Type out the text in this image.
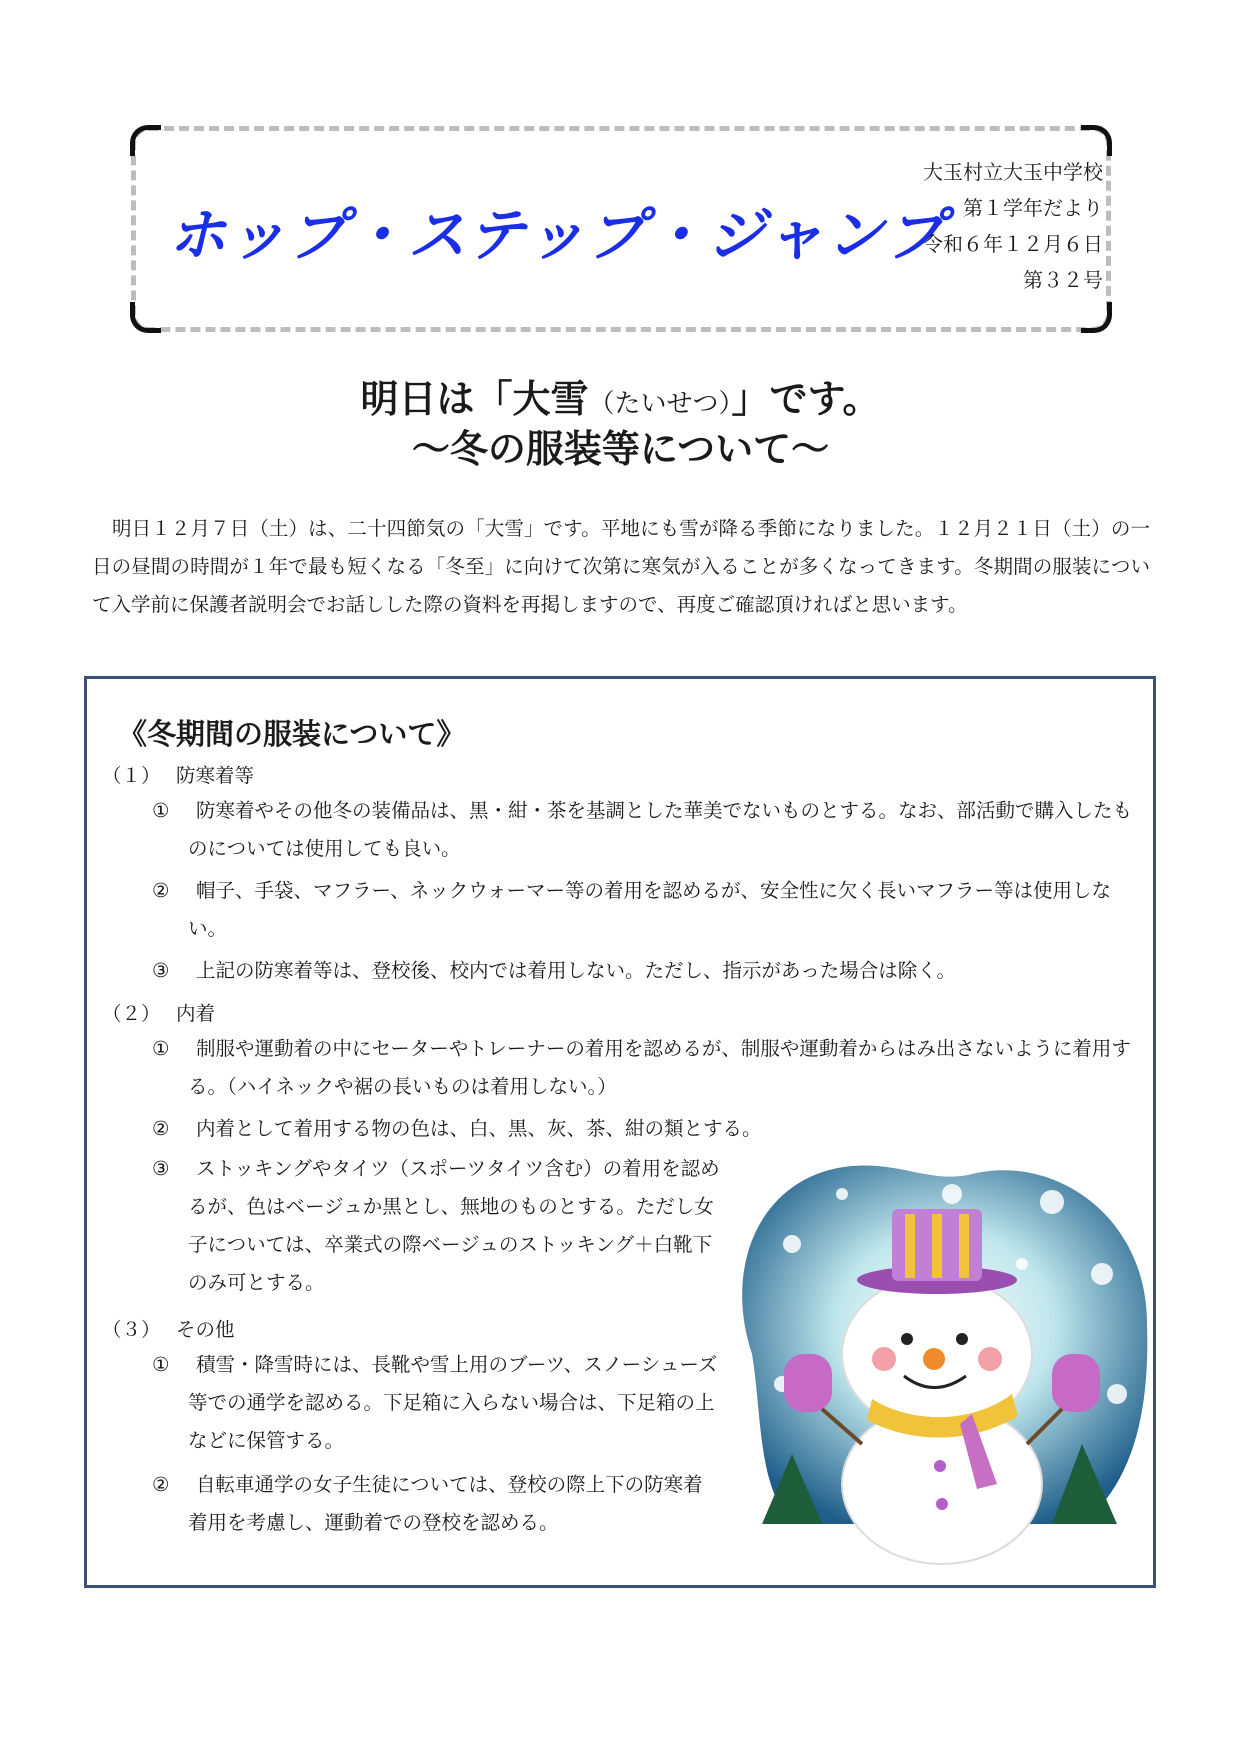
ホップ・ステップ・ジャンプ
大玉村立大玉中学校
第１学年だより
令和６年１２月６日
第３２号
明日は「大雪（たいせつ）」です。
～冬の服装等について～
明日１２月７日（土）は、二十四節気の「大雪」です。平地にも雪が降る季節になりました。１２月２１日（土）の一日の昼間の時間が１年で最も短くなる「冬至」に向けて次第に寒気が入ることが多くなってきます。冬期間の服装について入学前に保護者説明会でお話しした際の資料を再掲しますので、再度ご確認頂ければと思います。
《冬期間の服装について》
（１） 防寒着等
①	防寒着やその他冬の装備品は、黒・紺・茶を基調とした華美でないものとする。なお、部活動で購入したものについては使用しても良い。
②	帽子、手袋、マフラー、ネックウォーマー等の着用を認めるが、安全性に欠く長いマフラー等は使用しない。
③	上記の防寒着等は、登校後、校内では着用しない。ただし、指示があった場合は除く。
（２） 内着
①	制服や運動着の中にセーターやトレーナーの着用を認めるが、制服や運動着からはみ出さないように着用する。（ハイネックや裾の長いものは着用しない。）
②	内着として着用する物の色は、白、黒、灰、茶、紺の類とする。
③	ストッキングやタイツ（スポーツタイツ含む）の着用を認めるが、色はベージュか黒とし、無地のものとする。ただし女子については、卒業式の際ベージュのストッキング＋白靴下のみ可とする。
（３） その他
①	積雪・降雪時には、長靴や雪上用のブーツ、スノーシューズ等での通学を認める。下足箱に入らない場合は、下足箱の上などに保管する。
②	自転車通学の女子生徒については、登校の際上下の防寒着着用を考慮し、運動着での登校を認める。
